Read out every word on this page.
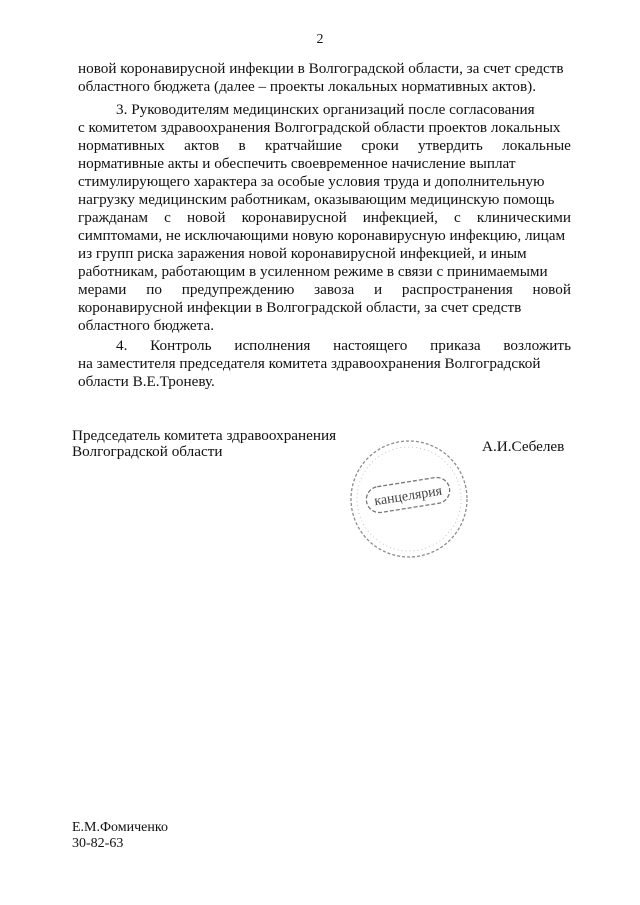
2
новой коронавирусной инфекции в Волгоградской области, за счет средств
областного бюджета (далее – проекты локальных нормативных актов).
3. Руководителям медицинских организаций после согласования
с комитетом здравоохранения Волгоградской области проектов локальных
нормативных актов в кратчайшие сроки утвердить локальные
нормативные акты и обеспечить своевременное начисление выплат
стимулирующего характера за особые условия труда и дополнительную
нагрузку медицинским работникам, оказывающим медицинскую помощь
гражданам с новой коронавирусной инфекцией, с клиническими
симптомами, не исключающими новую коронавирусную инфекцию, лицам
из групп риска заражения новой коронавирусной инфекцией, и иным
работникам, работающим в усиленном режиме в связи с принимаемыми
мерами по предупреждению завоза и распространения новой
коронавирусной инфекции в Волгоградской области, за счет средств
областного бюджета.
4. Контроль исполнения настоящего приказа возложить
на заместителя председателя комитета здравоохранения Волгоградской
области В.Е.Троневу.
Председатель комитета здравоохранения
Волгоградской области	А.И.Себелев
канцелярия
Е.М.Фомиченко
30-82-63
